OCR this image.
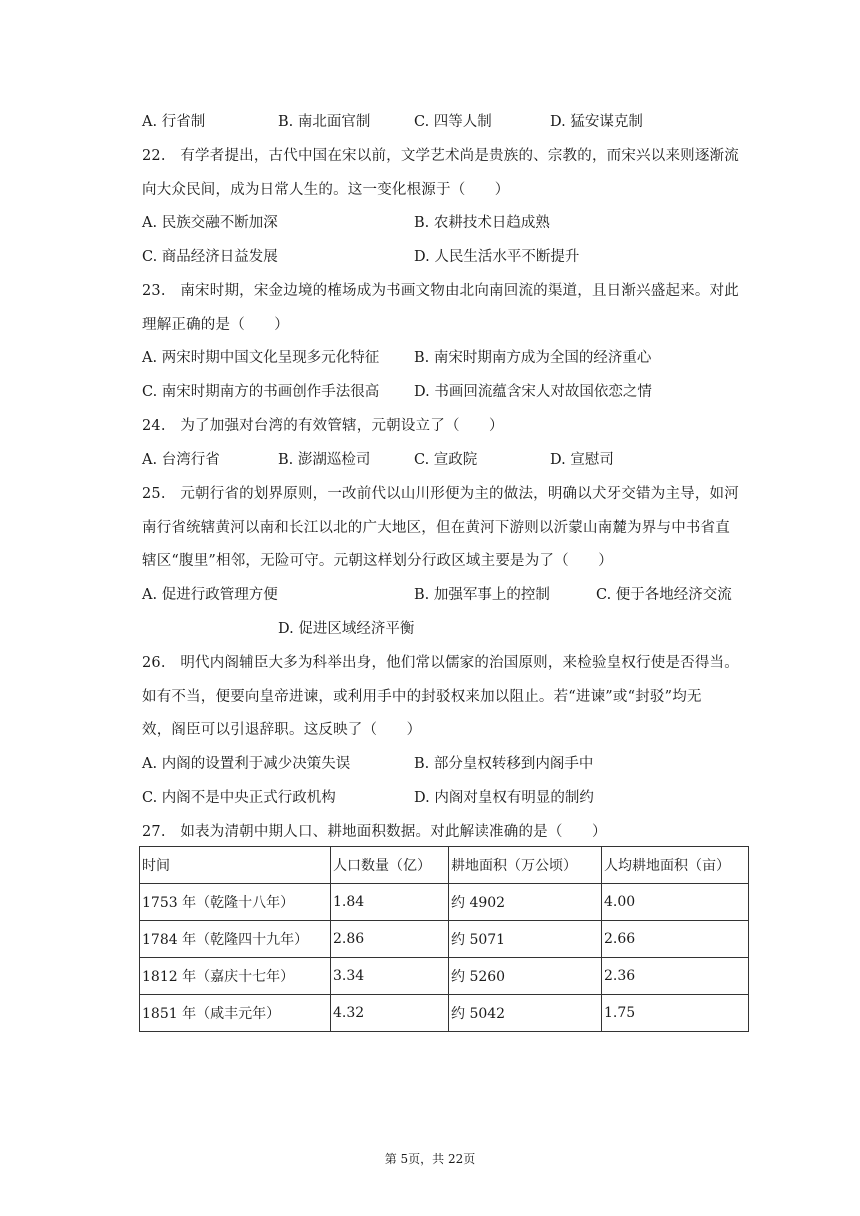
A. 行省制	B. 南北面官制	C. 四等人制	D. 猛安谋克制
22.　有学者提出，古代中国在宋以前，文学艺术尚是贵族的、宗教的，而宋兴以来则逐渐流
向大众民间，成为日常人生的。这一变化根源于（　　）
A. 民族交融不断加深	B. 农耕技术日趋成熟
C. 商品经济日益发展	D. 人民生活水平不断提升
23.　南宋时期，宋金边境的榷场成为书画文物由北向南回流的渠道，且日渐兴盛起来。对此
理解正确的是（　　）
A. 两宋时期中国文化呈现多元化特征 B. 南宋时期南方成为全国的经济重心
C. 南宋时期南方的书画创作手法很高 D. 书画回流蕴含宋人对故国依恋之情
24.　为了加强对台湾的有效管辖，元朝设立了（　　）
A. 台湾行省	B. 澎湖巡检司	C. 宣政院	D. 宣慰司
25.　元朝行省的划界原则，一改前代以山川形便为主的做法，明确以犬牙交错为主导，如河
南行省统辖黄河以南和长江以北的广大地区，但在黄河下游则以沂蒙山南麓为界与中书省直
辖区“腹里”相邻，无险可守。元朝这样划分行政区域主要是为了（　　）
A. 促进行政管理方便	B. 加强军事上的控制	C. 便于各地经济交流
D. 促进区域经济平衡
26.　明代内阁辅臣大多为科举出身，他们常以儒家的治国原则，来检验皇权行使是否得当。
如有不当，便要向皇帝进谏，或利用手中的封驳权来加以阻止。若“进谏”或“封驳”均无
效，阁臣可以引退辞职。这反映了（　　）
A. 内阁的设置利于减少决策失误	B. 部分皇权转移到内阁手中
C. 内阁不是中央正式行政机构	D. 内阁对皇权有明显的制约
27.　如表为清朝中期人口、耕地面积数据。对此解读准确的是（　　）
时间	人口数量（亿）	耕地面积（万公顷）	人均耕地面积（亩）
1753 年（乾隆十八年）	1.84	约 4902	4.00
1784 年（乾隆四十九年）	2.86	约 5071	2.66
1812 年（嘉庆十七年）	3.34	约 5260	2.36
1851 年（咸丰元年）	4.32	约 5042	1.75
第 5页，共 22页
